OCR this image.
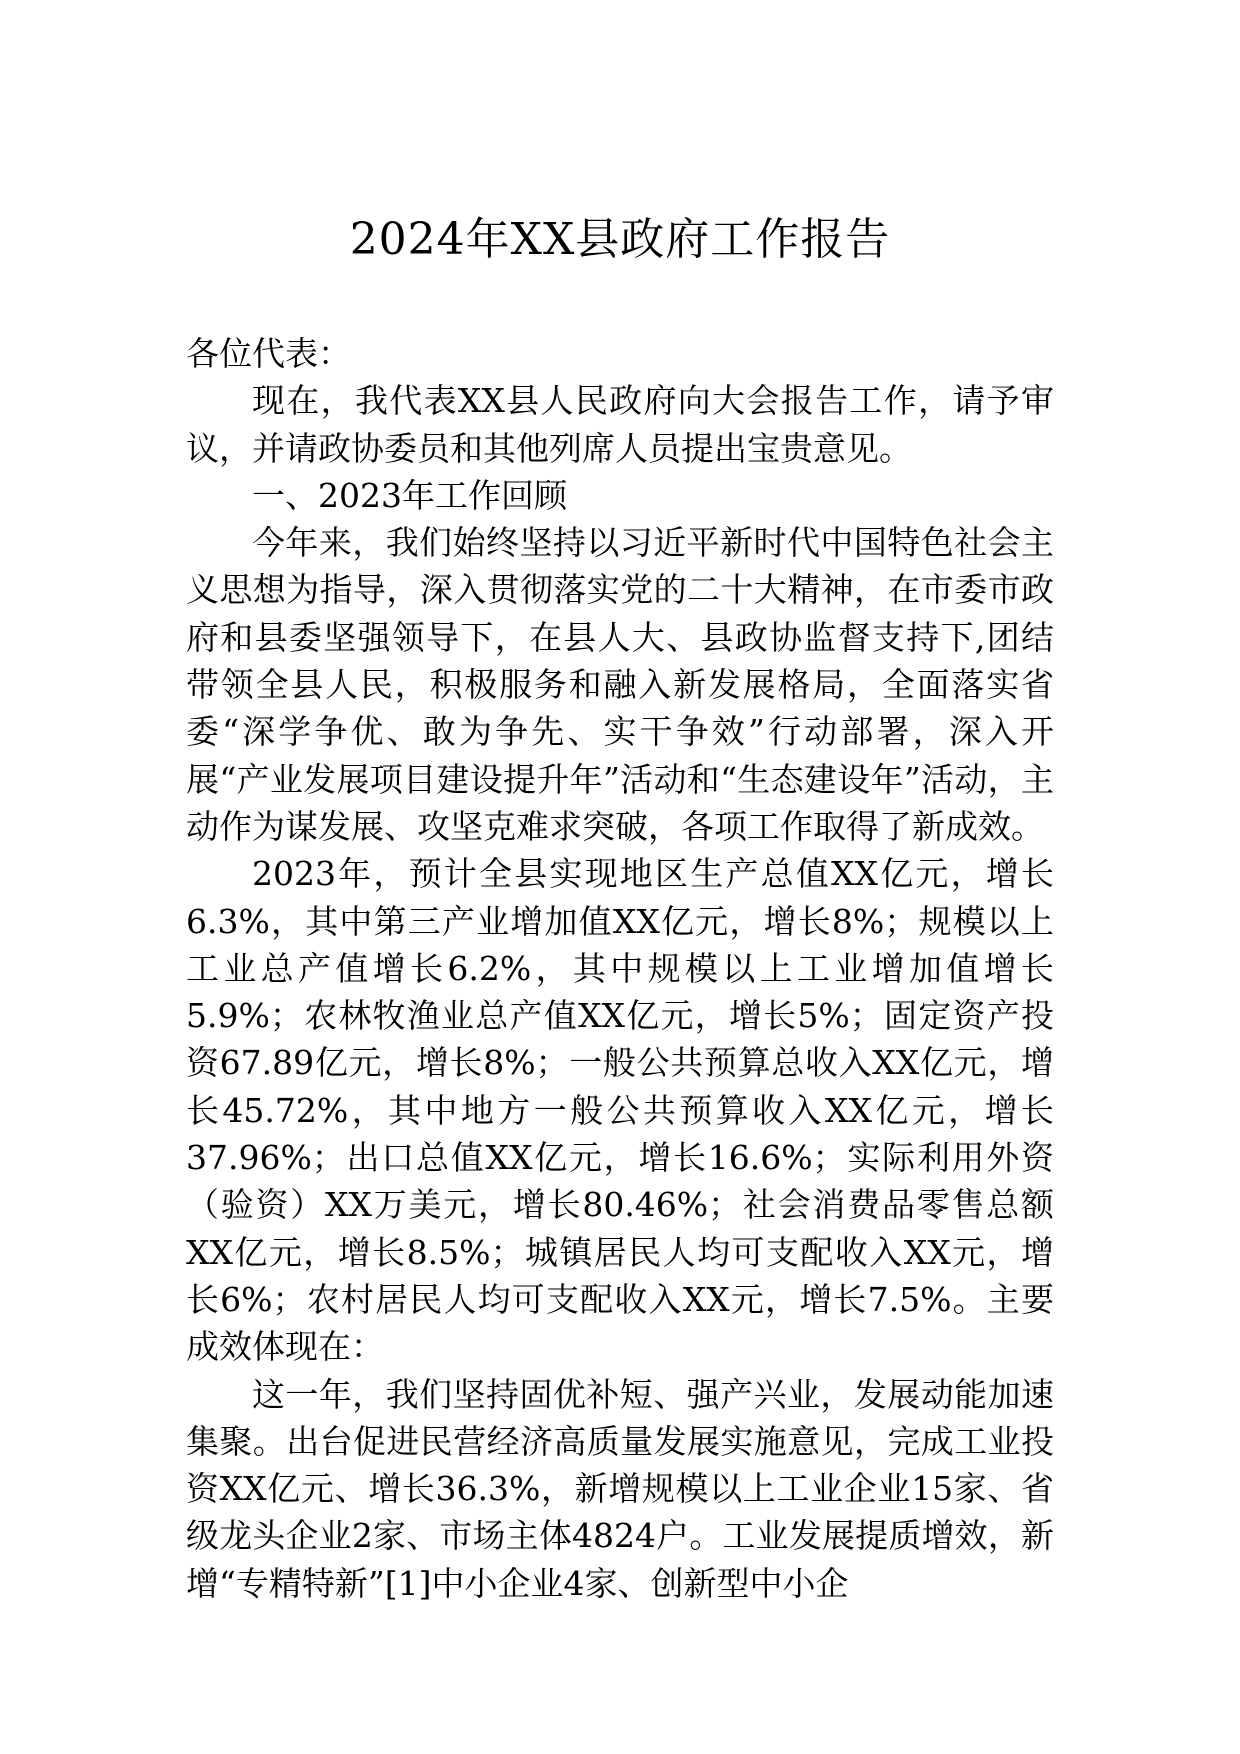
2024年XX县政府工作报告

各位代表：

现在，我代表XX县人民政府向大会报告工作，请予审议，并请政协委员和其他列席人员提出宝贵意见。

一、2023年工作回顾

今年来，我们始终坚持以习近平新时代中国特色社会主义思想为指导，深入贯彻落实党的二十大精神，在市委市政府和县委坚强领导下，在县人大、县政协监督支持下,团结带领全县人民，积极服务和融入新发展格局，全面落实省委“深学争优、敢为争先、实干争效”行动部署，深入开展“产业发展项目建设提升年”活动和“生态建设年”活动，主动作为谋发展、攻坚克难求突破，各项工作取得了新成效。

2023年，预计全县实现地区生产总值XX亿元，增长6.3%，其中第三产业增加值XX亿元，增长8%；规模以上工业总产值增长6.2%，其中规模以上工业增加值增长5.9%；农林牧渔业总产值XX亿元，增长5%；固定资产投资67.89亿元，增长8%；一般公共预算总收入XX亿元，增长45.72%，其中地方一般公共预算收入XX亿元，增长37.96%；出口总值XX亿元，增长16.6%；实际利用外资（验资）XX万美元，增长80.46%；社会消费品零售总额XX亿元，增长8.5%；城镇居民人均可支配收入XX元，增长6%；农村居民人均可支配收入XX元，增长7.5%。主要成效体现在：

这一年，我们坚持固优补短、强产兴业，发展动能加速集聚。出台促进民营经济高质量发展实施意见，完成工业投资XX亿元、增长36.3%，新增规模以上工业企业15家、省级龙头企业2家、市场主体4824户。工业发展提质增效，新增“专精特新”[1]中小企业4家、创新型中小企
